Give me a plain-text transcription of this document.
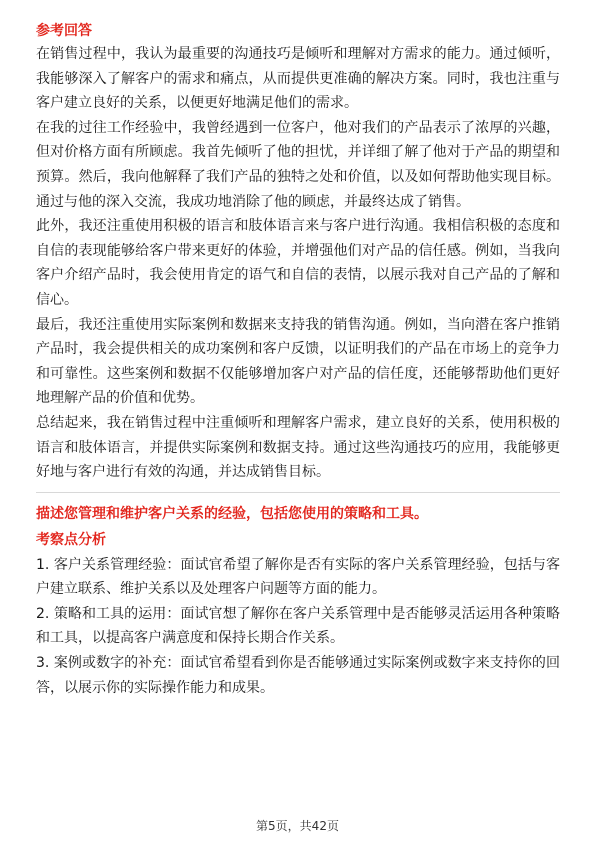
参考回答

在销售过程中，我认为最重要的沟通技巧是倾听和理解对方需求的能力。通过倾听，我能够深入了解客户的需求和痛点，从而提供更准确的解决方案。同时，我也注重与客户建立良好的关系，以便更好地满足他们的需求。

在我的过往工作经验中，我曾经遇到一位客户，他对我们的产品表示了浓厚的兴趣，但对价格方面有所顾虑。我首先倾听了他的担忧，并详细了解了他对于产品的期望和预算。然后，我向他解释了我们产品的独特之处和价值，以及如何帮助他实现目标。通过与他的深入交流，我成功地消除了他的顾虑，并最终达成了销售。

此外，我还注重使用积极的语言和肢体语言来与客户进行沟通。我相信积极的态度和自信的表现能够给客户带来更好的体验，并增强他们对产品的信任感。例如，当我向客户介绍产品时，我会使用肯定的语气和自信的表情，以展示我对自己产品的了解和信心。

最后，我还注重使用实际案例和数据来支持我的销售沟通。例如，当向潜在客户推销产品时，我会提供相关的成功案例和客户反馈，以证明我们的产品在市场上的竞争力和可靠性。这些案例和数据不仅能够增加客户对产品的信任度，还能够帮助他们更好地理解产品的价值和优势。

总结起来，我在销售过程中注重倾听和理解客户需求，建立良好的关系，使用积极的语言和肢体语言，并提供实际案例和数据支持。通过这些沟通技巧的应用，我能够更好地与客户进行有效的沟通，并达成销售目标。

描述您管理和维护客户关系的经验，包括您使用的策略和工具。
考察点分析

1. 客户关系管理经验：面试官希望了解你是否有实际的客户关系管理经验，包括与客户建立联系、维护关系以及处理客户问题等方面的能力。

2. 策略和工具的运用：面试官想了解你在客户关系管理中是否能够灵活运用各种策略和工具，以提高客户满意度和保持长期合作关系。

3. 案例或数字的补充：面试官希望看到你是否能够通过实际案例或数字来支持你的回答，以展示你的实际操作能力和成果。

第5页，共42页
